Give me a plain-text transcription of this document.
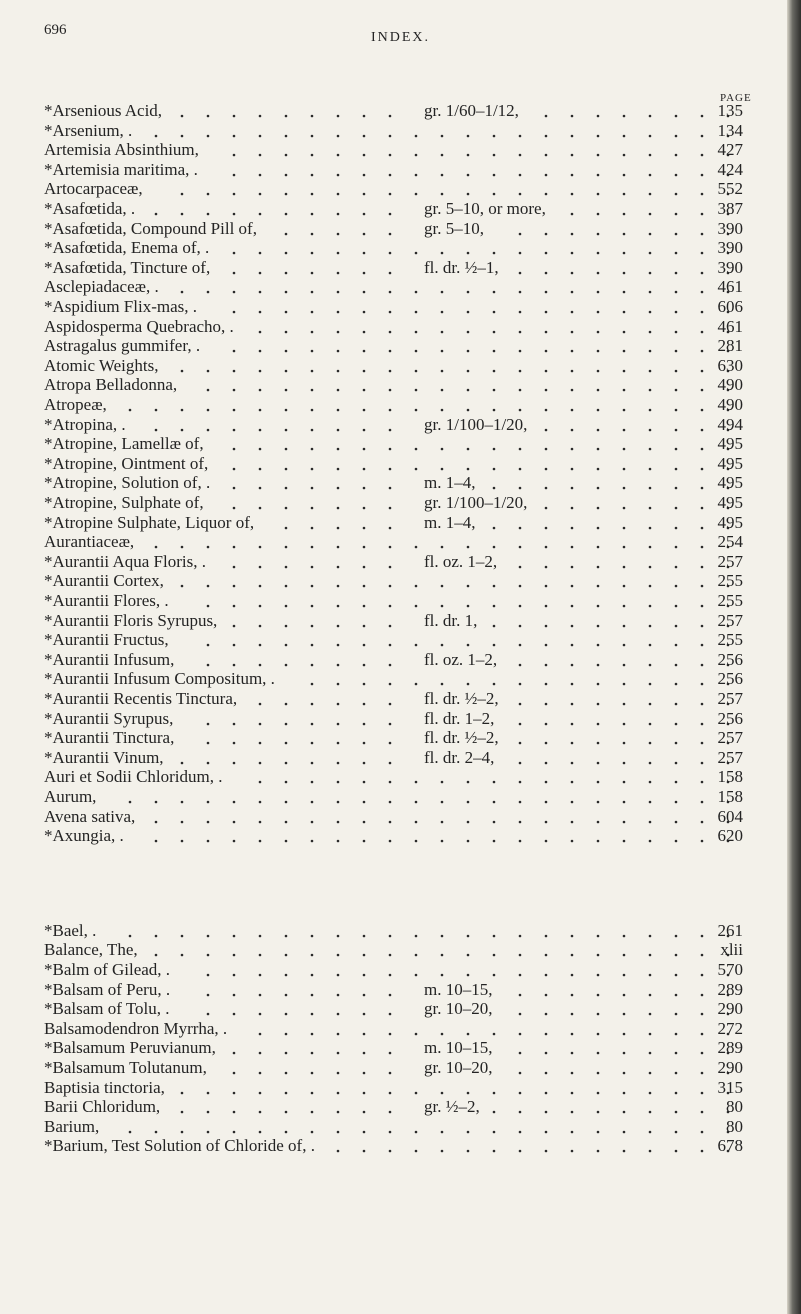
696	INDEX.
PAGE
*Arsenious Acid,	gr. 1/60–1/12,	135
*Arsenium, .	134
Artemisia Absinthium,	427
*Artemisia maritima, .	424
Artocarpaceæ,	552
*Asafœtida, .	gr. 5–10, or more,	387
*Asafœtida, Compound Pill of,	gr. 5–10,	390
*Asafœtida, Enema of, .	390
*Asafœtida, Tincture of,	fl. dr. ½–1,	390
Asclepiadaceæ, .	461
*Aspidium Flix-mas, .	606
Aspidosperma Quebracho, .	461
Astragalus gummifer, .	281
Atomic Weights,	630
Atropa Belladonna,	490
Atropeæ,	490
*Atropina, .	gr. 1/100–1/20,	494
*Atropine, Lamellæ of,	495
*Atropine, Ointment of,	495
*Atropine, Solution of, .	m. 1–4,	495
*Atropine, Sulphate of,	gr. 1/100–1/20,	495
*Atropine Sulphate, Liquor of,	m. 1–4,	495
Aurantiaceæ,	254
*Aurantii Aqua Floris, .	fl. oz. 1–2,	257
*Aurantii Cortex,	255
*Aurantii Flores, .	255
*Aurantii Floris Syrupus,	fl. dr. 1,	257
*Aurantii Fructus,	255
*Aurantii Infusum,	fl. oz. 1–2,	256
*Aurantii Infusum Compositum, .	256
*Aurantii Recentis Tinctura,	fl. dr. ½–2,	257
*Aurantii Syrupus,	fl. dr. 1–2,	256
*Aurantii Tinctura,	fl. dr. ½–2,	257
*Aurantii Vinum,	fl. dr. 2–4,	257
Auri et Sodii Chloridum, .	158
Aurum,	158
Avena sativa,	604
*Axungia, .	620
*Bael, .	261
Balance, The,	xlii
*Balm of Gilead, .	570
*Balsam of Peru, .	m. 10–15,	289
*Balsam of Tolu, .	gr. 10–20,	290
Balsamodendron Myrrha, .	272
*Balsamum Peruvianum,	m. 10–15,	289
*Balsamum Tolutanum,	gr. 10–20,	290
Baptisia tinctoria,	315
Barii Chloridum,	gr. ½–2,	80
Barium,	80
*Barium, Test Solution of Chloride of, .	678
